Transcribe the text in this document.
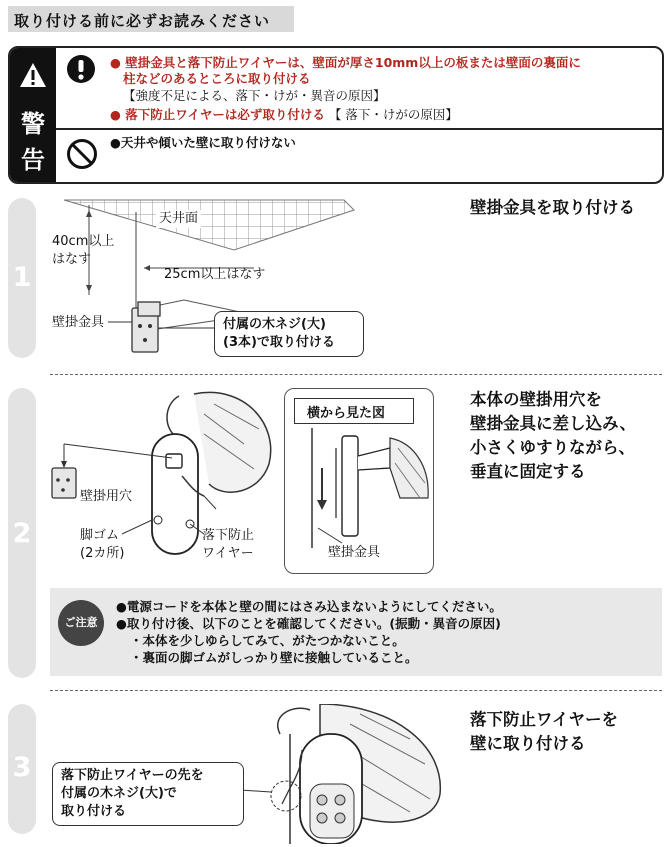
取り付ける前に必ずお読みください
警
告
● 壁掛金具と落下防止ワイヤーは、壁面が厚さ10mm以上の板または壁面の裏面に
柱などのあるところに取り付ける
【強度不足による、落下・けが・異音の原因】
● 落下防止ワイヤーは必ず取り付ける 【 落下・けがの原因】
●天井や傾いた壁に取り付けない
1
天井面
40cm以上
はなす
25cm以上はなす
壁掛金具	付属の木ネジ(大)
(3本)で取り付ける
壁掛金具を取り付ける
2
壁掛用穴
脚ゴム
(2カ所)
落下防止
ワイヤー
横から見た図
壁掛金具
本体の壁掛用穴を
壁掛金具に差し込み、
小さくゆすりながら、
垂直に固定する
ご注意
●電源コードを本体と壁の間にはさみ込まないようにしてください。
●取り付け後、以下のことを確認してください。(振動・異音の原因)
・本体を少しゆらしてみて、がたつかないこと。
・裏面の脚ゴムがしっかり壁に接触していること。
3	落下防止ワイヤーの先を
付属の木ネジ(大)で
取り付ける
落下防止ワイヤーを
壁に取り付ける
